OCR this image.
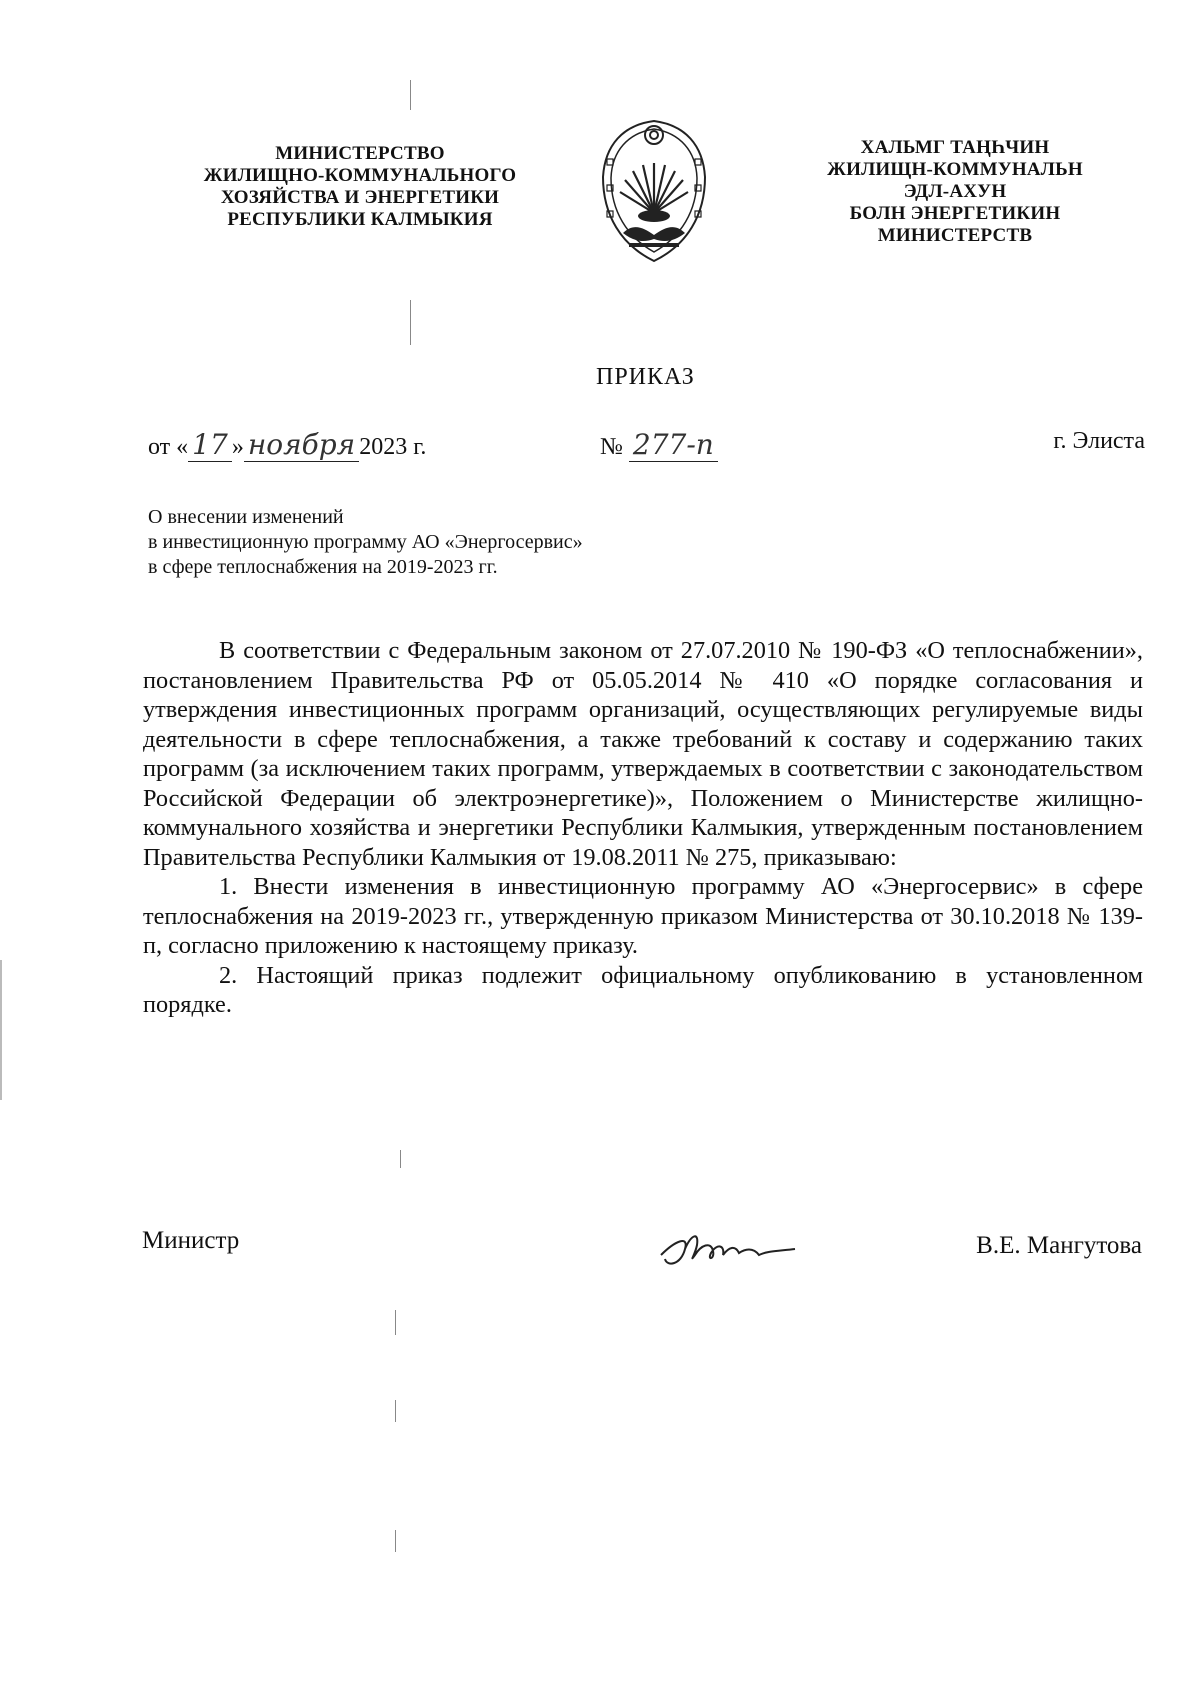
МИНИСТЕРСТВО
ЖИЛИЩНО-КОММУНАЛЬНОГО
ХОЗЯЙСТВА И ЭНЕРГЕТИКИ
РЕСПУБЛИКИ КАЛМЫКИЯ
ХАЛЬМГ ТАҢҺЧИН
ЖИЛИЩН-КОММУНАЛЬН
ЭДЛ-АХУН
БОЛН ЭНЕРГЕТИКИН
МИНИСТЕРСТВ
ПРИКАЗ
от « 17 » ноября 2023 г.	№ 277-п	г. Элиста
О внесении изменений
в инвестиционную программу АО «Энергосервис»
в сфере теплоснабжения на 2019-2023 гг.

В соответствии с Федеральным законом от 27.07.2010 № 190-ФЗ «О теплоснабжении», постановлением Правительства РФ от 05.05.2014 № 410 «О порядке согласования и утверждения инвестиционных программ организаций, осуществляющих регулируемые виды деятельности в сфере теплоснабжения, а также требований к составу и содержанию таких программ (за исключением таких программ, утверждаемых в соответствии с законодательством Российской Федерации об электроэнергетике)», Положением о Министерстве жилищно-коммунального хозяйства и энергетики Республики Калмыкия, утвержденным постановлением Правительства Республики Калмыкия от 19.08.2011 № 275, приказываю:

1. Внести изменения в инвестиционную программу АО «Энергосервис» в сфере теплоснабжения на 2019-2023 гг., утвержденную приказом Министерства от 30.10.2018 № 139-п, согласно приложению к настоящему приказу.

2. Настоящий приказ подлежит официальному опубликованию в установленном порядке.

Министр	В.Е. Мангутова
